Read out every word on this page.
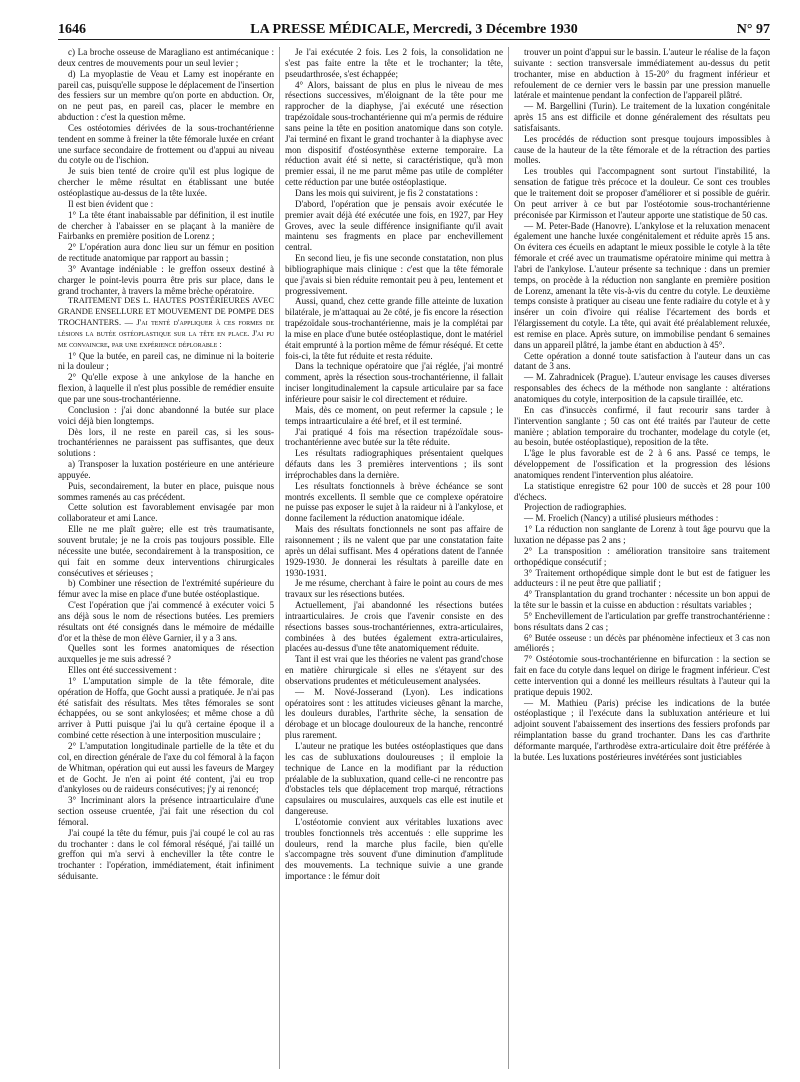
1646	LA PRESSE MÉDICALE, Mercredi, 3 Décembre 1930	N° 97

c) La broche osseuse de Maragliano est antimécanique : deux centres de mouvements pour un seul levier ;

d) La myoplastie de Veau et Lamy est inopérante en pareil cas, puisqu'elle suppose le déplacement de l'insertion des fessiers sur un membre qu'on porte en abduction. Or, on ne peut pas, en pareil cas, placer le membre en abduction : c'est la question même.

Ces ostéotomies dérivées de la sous-trochantérienne tendent en somme à freiner la tête fémorale luxée en créant une surface secondaire de frottement ou d'appui au niveau du cotyle ou de l'ischion.

Je suis bien tenté de croire qu'il est plus logique de chercher le même résultat en établissant une butée ostéoplastique au-dessus de la tête luxée.

Il est bien évident que :

1° La tête étant inabaissable par définition, il est inutile de chercher à l'abaisser en se plaçant à la manière de Fairbanks en première position de Lorenz ;

2° L'opération aura donc lieu sur un fémur en position de rectitude anatomique par rapport au bassin ;

3° Avantage indéniable : le greffon osseux destiné à charger le point-levis pourra être pris sur place, dans le grand trochanter, à travers la même brèche opératoire.

TRAITEMENT DES L. HAUTES POSTÉRIEURES AVEC GRANDE ENSELLURE ET MOUVEMENT DE POMPE DES TROCHANTERS. — J'ai tenté d'appliquer à ces formes de lésions la butée ostéoplastique sur la tête en place. J'ai pu me convaincre, par une expérience déplorable :

1° Que la butée, en pareil cas, ne diminue ni la boiterie ni la douleur ;

2° Qu'elle expose à une ankylose de la hanche en flexion, à laquelle il n'est plus possible de remédier ensuite que par une sous-trochantérienne.

Conclusion : j'ai donc abandonné la butée sur place voici déjà bien longtemps.

Dès lors, il ne reste en pareil cas, si les sous-trochantériennes ne paraissent pas suffisantes, que deux solutions :

a) Transposer la luxation postérieure en une antérieure appuyée.

Puis, secondairement, la buter en place, puisque nous sommes ramenés au cas précédent.

Cette solution est favorablement envisagée par mon collaborateur et ami Lance.

Elle ne me plaît guère; elle est très traumatisante, souvent brutale; je ne la crois pas toujours possible. Elle nécessite une butée, secondairement à la transposition, ce qui fait en somme deux interventions chirurgicales consécutives et sérieuses ;

b) Combiner une résection de l'extrémité supérieure du fémur avec la mise en place d'une butée ostéoplastique.

C'est l'opération que j'ai commencé à exécuter voici 5 ans déjà sous le nom de résections butées. Les premiers résultats ont été consignés dans le mémoire de médaille d'or et la thèse de mon élève Garnier, il y a 3 ans.

Quelles sont les formes anatomiques de résection auxquelles je me suis adressé ?

Elles ont été successivement :

1° L'amputation simple de la tête fémorale, dite opération de Hoffa, que Gocht aussi a pratiquée. Je n'ai pas été satisfait des résultats. Mes têtes fémorales se sont échappées, ou se sont ankylosées; et même chose a dû arriver à Putti puisque j'ai lu qu'à certaine époque il a combiné cette résection à une interposition musculaire ;

2° L'amputation longitudinale partielle de la tête et du col, en direction générale de l'axe du col fémoral à la façon de Whitman, opération qui eut aussi les faveurs de Margey et de Gocht. Je n'en ai point été content, j'ai eu trop d'ankyloses ou de raideurs consécutives; j'y ai renoncé;

3° Incriminant alors la présence intraarticulaire d'une section osseuse cruentée, j'ai fait une résection du col fémoral.

J'ai coupé la tête du fémur, puis j'ai coupé le col au ras du trochanter : dans le col fémoral réséqué, j'ai taillé un greffon qui m'a servi à encheviller la tête contre le trochanter : l'opération, immédiatement, était infiniment séduisante.

Je l'ai exécutée 2 fois. Les 2 fois, la consolidation ne s'est pas faite entre la tête et le trochanter; la tête, pseudarthrosée, s'est échappée;

4° Alors, baissant de plus en plus le niveau de mes résections successives, m'éloignant de la tête pour me rapprocher de la diaphyse, j'ai exécuté une résection trapézoïdale sous-trochantérienne qui m'a permis de réduire sans peine la tête en position anatomique dans son cotyle. J'ai terminé en fixant le grand trochanter à la diaphyse avec mon dispositif d'ostéosynthèse externe temporaire. La réduction avait été si nette, si caractéristique, qu'à mon premier essai, il ne me parut même pas utile de compléter cette réduction par une butée ostéoplastique.

Dans les mois qui suivirent, je fis 2 constatations :

D'abord, l'opération que je pensais avoir exécutée le premier avait déjà été exécutée une fois, en 1927, par Hey Groves, avec la seule différence insignifiante qu'il avait maintenu ses fragments en place par enchevillement central.

En second lieu, je fis une seconde constatation, non plus bibliographique mais clinique : c'est que la tête fémorale que j'avais si bien réduite remontait peu à peu, lentement et progressivement.

Aussi, quand, chez cette grande fille atteinte de luxation bilatérale, je m'attaquai au 2e côté, je fis encore la résection trapézoïdale sous-trochantérienne, mais je la complétai par la mise en place d'une butée ostéoplastique, dont le matériel était emprunté à la portion même de fémur réséqué. Et cette fois-ci, la tête fut réduite et resta réduite.

Dans la technique opératoire que j'ai réglée, j'ai montré comment, après la résection sous-trochantérienne, il fallait inciser longitudinalement la capsule articulaire par sa face inférieure pour saisir le col directement et réduire.

Mais, dès ce moment, on peut refermer la capsule ; le temps intraarticulaire a été bref, et il est terminé.

J'ai pratiqué 4 fois ma résection trapézoïdale sous-trochantérienne avec butée sur la tête réduite.

Les résultats radiographiques présentaient quelques défauts dans les 3 premières interventions ; ils sont irréprochables dans la dernière.

Les résultats fonctionnels à brève échéance se sont montrés excellents. Il semble que ce complexe opératoire ne puisse pas exposer le sujet à la raideur ni à l'ankylose, et donne facilement la réduction anatomique idéale.

Mais des résultats fonctionnels ne sont pas affaire de raisonnement ; ils ne valent que par une constatation faite après un délai suffisant. Mes 4 opérations datent de l'année 1929-1930. Je donnerai les résultats à pareille date en 1930-1931.

Je me résume, cherchant à faire le point au cours de mes travaux sur les résections butées.

Actuellement, j'ai abandonné les résections butées intraarticulaires. Je crois que l'avenir consiste en des résections basses sous-trochantériennes, extra-articulaires, combinées à des butées également extra-articulaires, placées au-dessus d'une tête anatomiquement réduite.

Tant il est vrai que les théories ne valent pas grand'chose en matière chirurgicale si elles ne s'étayent sur des observations prudentes et méticuleusement analysées.

— M. Nové-Josserand (Lyon). Les indications opératoires sont : les attitudes vicieuses gênant la marche, les douleurs durables, l'arthrite sèche, la sensation de dérobage et un blocage douloureux de la hanche, rencontré plus rarement.

L'auteur ne pratique les butées ostéoplastiques que dans les cas de subluxations douloureuses ; il emploie la technique de Lance en la modifiant par la réduction préalable de la subluxation, quand celle-ci ne rencontre pas d'obstacles tels que déplacement trop marqué, rétractions capsulaires ou musculaires, auxquels cas elle est inutile et dangereuse.

L'ostéotomie convient aux véritables luxations avec troubles fonctionnels très accentués : elle supprime les douleurs, rend la marche plus facile, bien qu'elle s'accompagne très souvent d'une diminution d'amplitude des mouvements. La technique suivie a une grande importance : le fémur doit

trouver un point d'appui sur le bassin. L'auteur le réalise de la façon suivante : section transversale immédiatement au-dessus du petit trochanter, mise en abduction à 15-20° du fragment inférieur et refoulement de ce dernier vers le bassin par une pression manuelle latérale et maintenue pendant la confection de l'appareil plâtré.

— M. Bargellini (Turin). Le traitement de la luxation congénitale après 15 ans est difficile et donne généralement des résultats peu satisfaisants.

Les procédés de réduction sont presque toujours impossibles à cause de la hauteur de la tête fémorale et de la rétraction des parties molles.

Les troubles qui l'accompagnent sont surtout l'instabilité, la sensation de fatigue très précoce et la douleur. Ce sont ces troubles que le traitement doit se proposer d'améliorer et si possible de guérir. On peut arriver à ce but par l'ostéotomie sous-trochantérienne préconisée par Kirmisson et l'auteur apporte une statistique de 50 cas.

— M. Peter-Bade (Hanovre). L'ankylose et la reluxation menacent également une hanche luxée congénitalement et réduite après 15 ans. On évitera ces écueils en adaptant le mieux possible le cotyle à la tête fémorale et créé avec un traumatisme opératoire minime qui mettra à l'abri de l'ankylose. L'auteur présente sa technique : dans un premier temps, on procède à la réduction non sanglante en première position de Lorenz, amenant la tête vis-à-vis du centre du cotyle. Le deuxième temps consiste à pratiquer au ciseau une fente radiaire du cotyle et à y insérer un coin d'ivoire qui réalise l'écartement des bords et l'élargissement du cotyle. La tête, qui avait été préalablement reluxée, est remise en place. Après suture, on immobilise pendant 6 semaines dans un appareil plâtré, la jambe étant en abduction à 45°.

Cette opération a donné toute satisfaction à l'auteur dans un cas datant de 3 ans.

— M. Zahradnicek (Prague). L'auteur envisage les causes diverses responsables des échecs de la méthode non sanglante : altérations anatomiques du cotyle, interposition de la capsule tiraillée, etc.

En cas d'insuccès confirmé, il faut recourir sans tarder à l'intervention sanglante ; 50 cas ont été traités par l'auteur de cette manière ; ablation temporaire du trochanter, modelage du cotyle (et, au besoin, butée ostéoplastique), reposition de la tête.

L'âge le plus favorable est de 2 à 6 ans. Passé ce temps, le développement de l'ossification et la progression des lésions anatomiques rendent l'intervention plus aléatoire.

La statistique enregistre 62 pour 100 de succès et 28 pour 100 d'échecs.

Projection de radiographies.

— M. Froelich (Nancy) a utilisé plusieurs méthodes :

1° La réduction non sanglante de Lorenz à tout âge pourvu que la luxation ne dépasse pas 2 ans ;

2° La transposition : amélioration transitoire sans traitement orthopédique consécutif ;

3° Traitement orthopédique simple dont le but est de fatiguer les adducteurs : il ne peut être que palliatif ;

4° Transplantation du grand trochanter : nécessite un bon appui de la tête sur le bassin et la cuisse en abduction : résultats variables ;

5° Enchevillement de l'articulation par greffe transtrochantérienne : bons résultats dans 2 cas ;

6° Butée osseuse : un décès par phénomène infectieux et 3 cas non améliorés ;

7° Ostéotomie sous-trochantérienne en bifurcation : la section se fait en face du cotyle dans lequel on dirige le fragment inférieur. C'est cette intervention qui a donné les meilleurs résultats à l'auteur qui la pratique depuis 1902.

— M. Mathieu (Paris) précise les indications de la butée ostéoplastique ; il l'exécute dans la subluxation antérieure et lui adjoint souvent l'abaissement des insertions des fessiers profonds par réimplantation basse du grand trochanter. Dans les cas d'arthrite déformante marquée, l'arthrodèse extra-articulaire doit être préférée à la butée. Les luxations postérieures invétérées sont justiciables
